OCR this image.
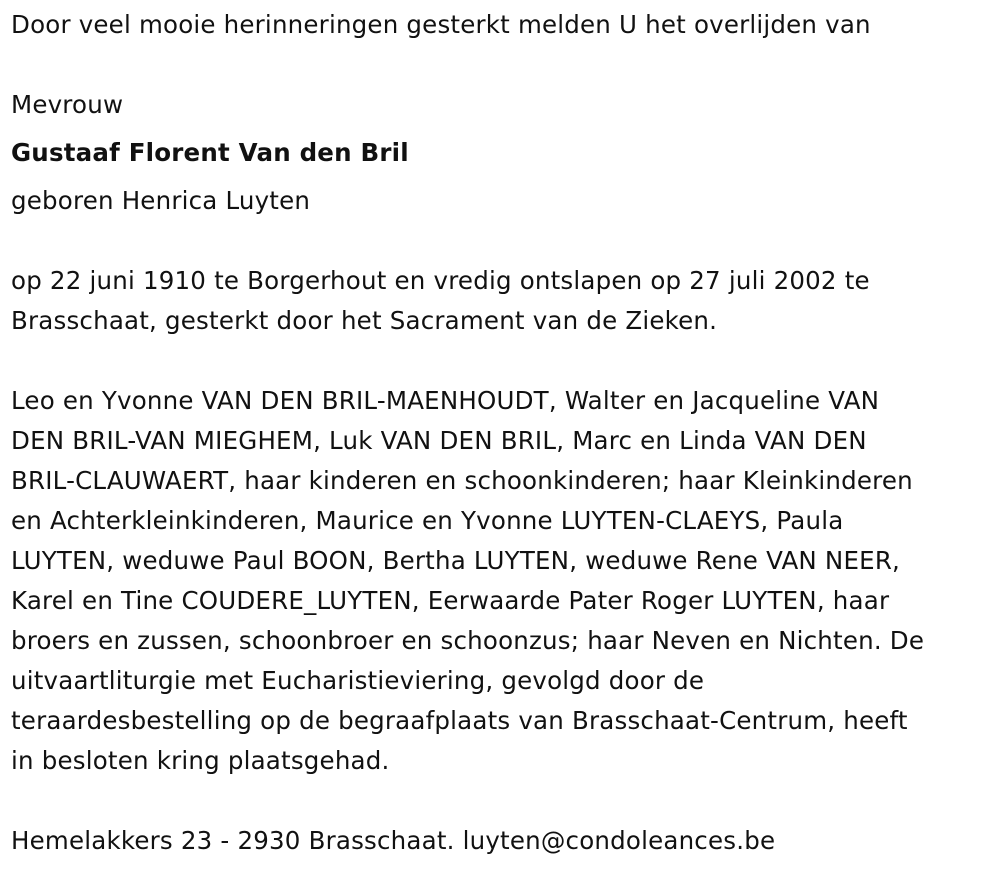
Door veel mooie herinneringen gesterkt melden U het overlijden van
Mevrouw
Gustaaf Florent Van den Bril
geboren Henrica Luyten
op 22 juni 1910 te Borgerhout en vredig ontslapen op 27 juli 2002 te
Brasschaat, gesterkt door het Sacrament van de Zieken.
Leo en Yvonne VAN DEN BRIL-MAENHOUDT, Walter en Jacqueline VAN
DEN BRIL-VAN MIEGHEM, Luk VAN DEN BRIL, Marc en Linda VAN DEN
BRIL-CLAUWAERT, haar kinderen en schoonkinderen; haar Kleinkinderen
en Achterkleinkinderen, Maurice en Yvonne LUYTEN-CLAEYS, Paula
LUYTEN, weduwe Paul BOON, Bertha LUYTEN, weduwe Rene VAN NEER,
Karel en Tine COUDERE_LUYTEN, Eerwaarde Pater Roger LUYTEN, haar
broers en zussen, schoonbroer en schoonzus; haar Neven en Nichten. De
uitvaartliturgie met Eucharistieviering, gevolgd door de
teraardesbestelling op de begraafplaats van Brasschaat-Centrum, heeft
in besloten kring plaatsgehad.
Hemelakkers 23 - 2930 Brasschaat. luyten@condoleances.be
